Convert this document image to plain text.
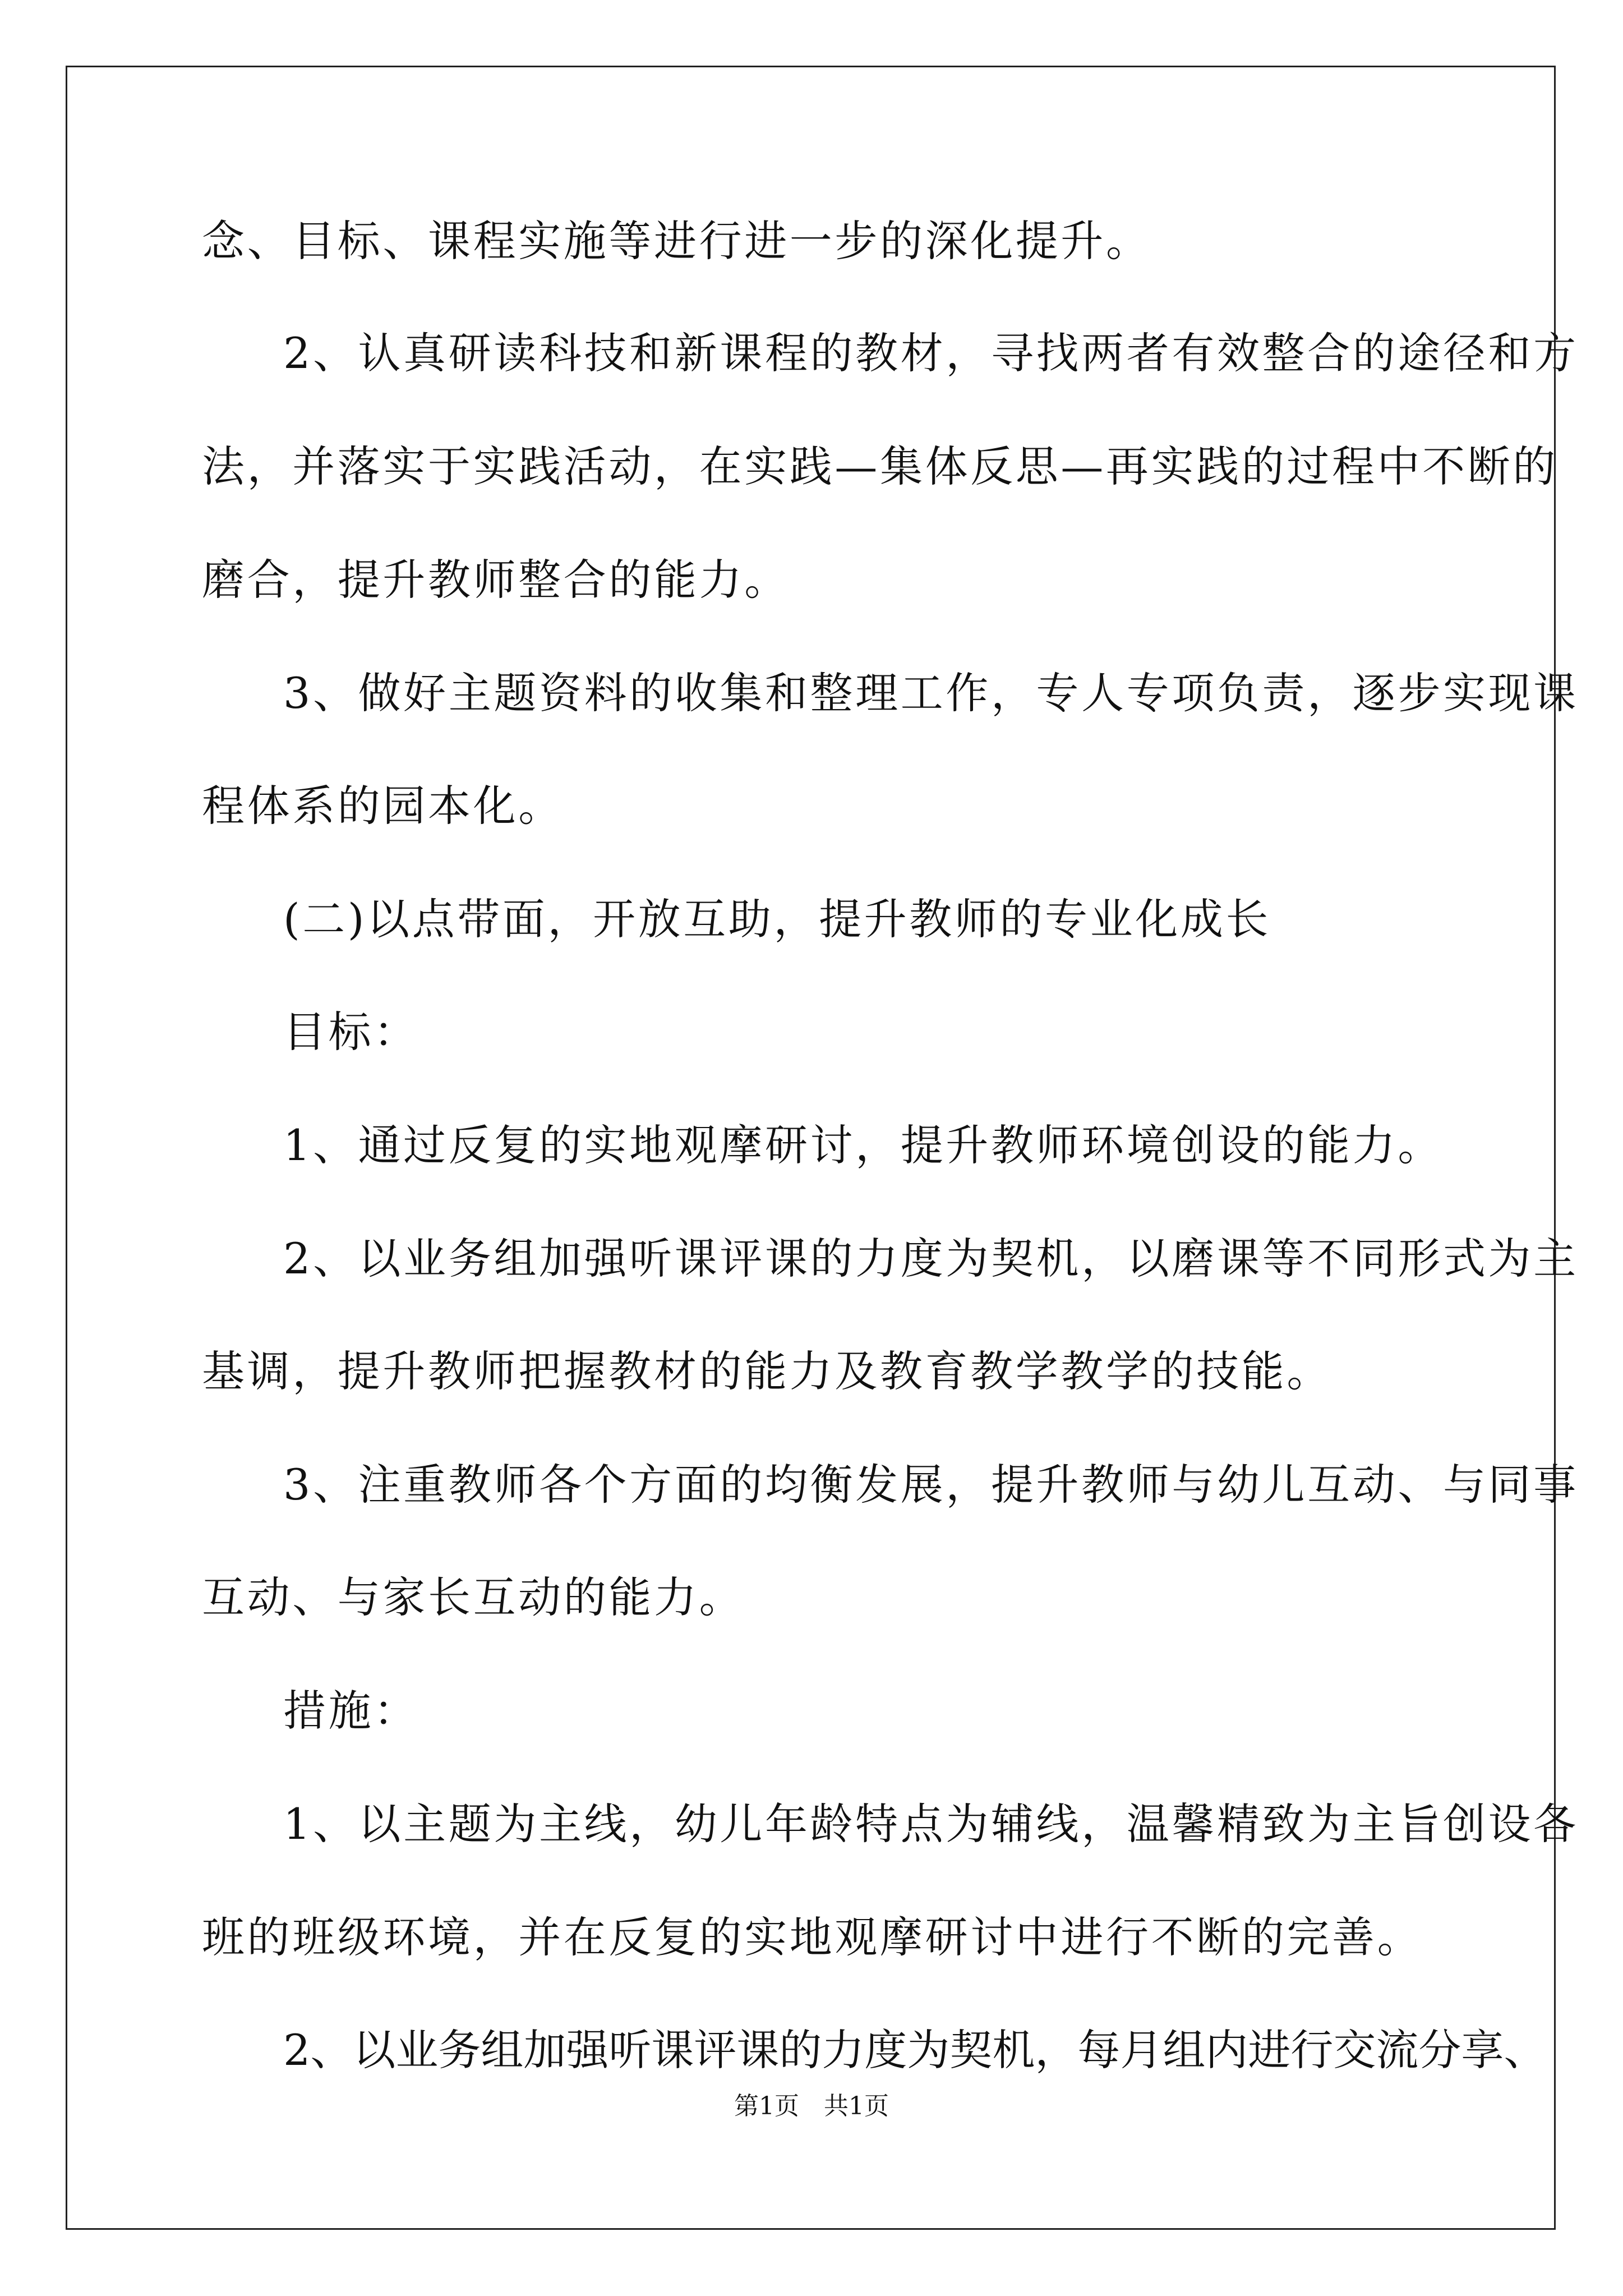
念、目标、课程实施等进行进一步的深化提升。
2、认真研读科技和新课程的教材，寻找两者有效整合的途径和方
法，并落实于实践活动，在实践—集体反思—再实践的过程中不断的
磨合，提升教师整合的能力。
3、做好主题资料的收集和整理工作，专人专项负责，逐步实现课
程体系的园本化。
(二)以点带面，开放互助，提升教师的专业化成长
目标：
1、通过反复的实地观摩研讨，提升教师环境创设的能力。
2、以业务组加强听课评课的力度为契机，以磨课等不同形式为主
基调，提升教师把握教材的能力及教育教学教学的技能。
3、注重教师各个方面的均衡发展，提升教师与幼儿互动、与同事
互动、与家长互动的能力。
措施：
1、以主题为主线，幼儿年龄特点为辅线，温馨精致为主旨创设各
班的班级环境，并在反复的实地观摩研讨中进行不断的完善。
2、以业务组加强听课评课的力度为契机，每月组内进行交流分享、
第1页　共1页
